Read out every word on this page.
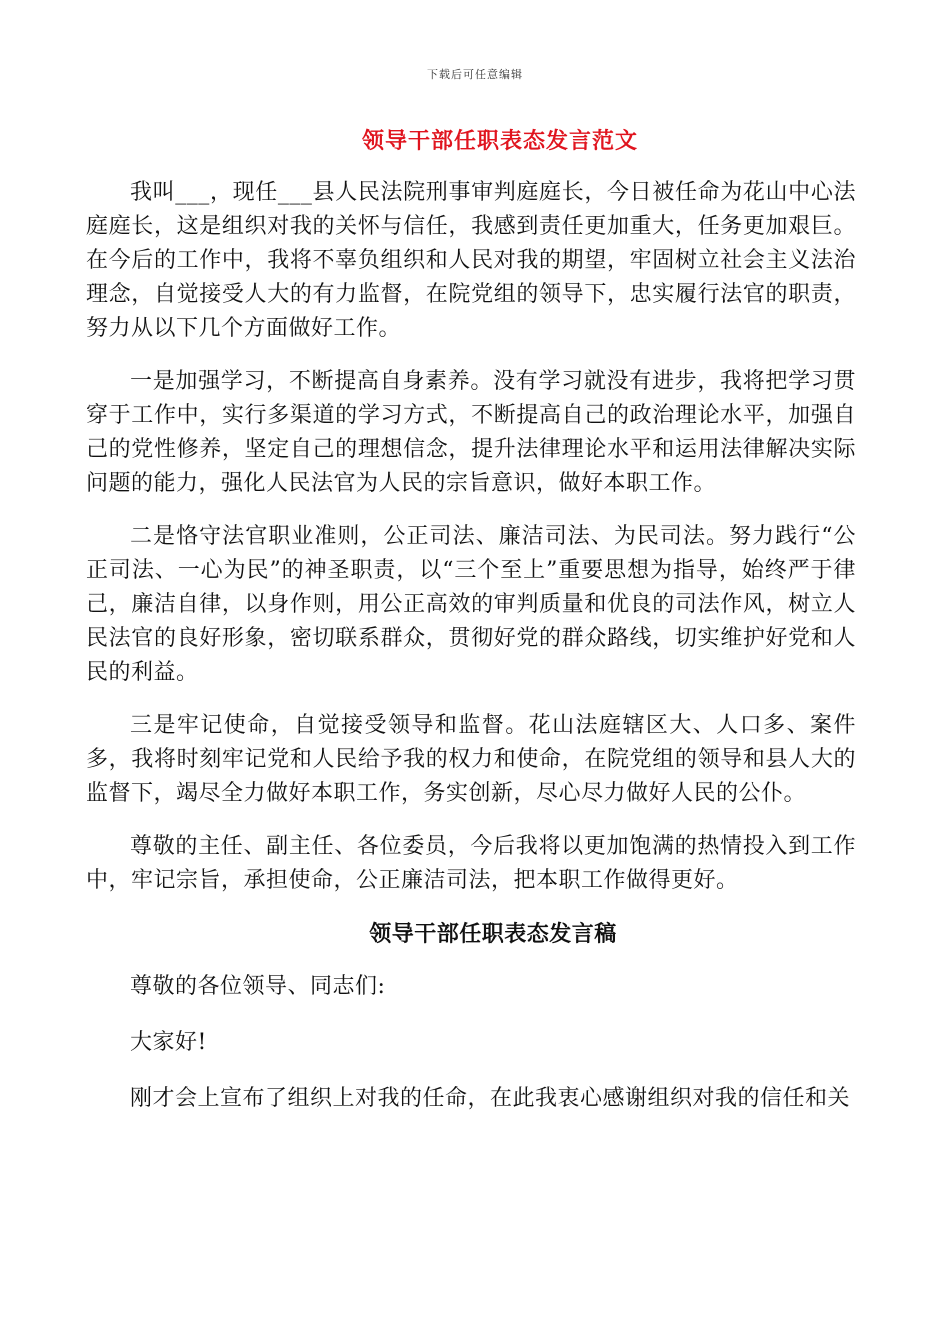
下载后可任意编辑
领导干部任职表态发言范文

我叫___，现任___县人民法院刑事审判庭庭长，今日被任命为花山中心法庭庭长，这是组织对我的关怀与信任，我感到责任更加重大，任务更加艰巨。在今后的工作中，我将不辜负组织和人民对我的期望，牢固树立社会主义法治理念，自觉接受人大的有力监督，在院党组的领导下，忠实履行法官的职责，努力从以下几个方面做好工作。

一是加强学习，不断提高自身素养。没有学习就没有进步，我将把学习贯穿于工作中，实行多渠道的学习方式，不断提高自己的政治理论水平，加强自己的党性修养，坚定自己的理想信念，提升法律理论水平和运用法律解决实际问题的能力，强化人民法官为人民的宗旨意识，做好本职工作。

二是恪守法官职业准则，公正司法、廉洁司法、为民司法。努力践行“公正司法、一心为民”的神圣职责，以“三个至上”重要思想为指导，始终严于律己，廉洁自律，以身作则，用公正高效的审判质量和优良的司法作风，树立人民法官的良好形象，密切联系群众，贯彻好党的群众路线，切实维护好党和人民的利益。

三是牢记使命，自觉接受领导和监督。花山法庭辖区大、人口多、案件多，我将时刻牢记党和人民给予我的权力和使命，在院党组的领导和县人大的监督下，竭尽全力做好本职工作，务实创新，尽心尽力做好人民的公仆。

尊敬的主任、副主任、各位委员，今后我将以更加饱满的热情投入到工作中，牢记宗旨，承担使命，公正廉洁司法，把本职工作做得更好。

领导干部任职表态发言稿

尊敬的各位领导、同志们:

大家好!

刚才会上宣布了组织上对我的任命，在此我衷心感谢组织对我的信任和关
